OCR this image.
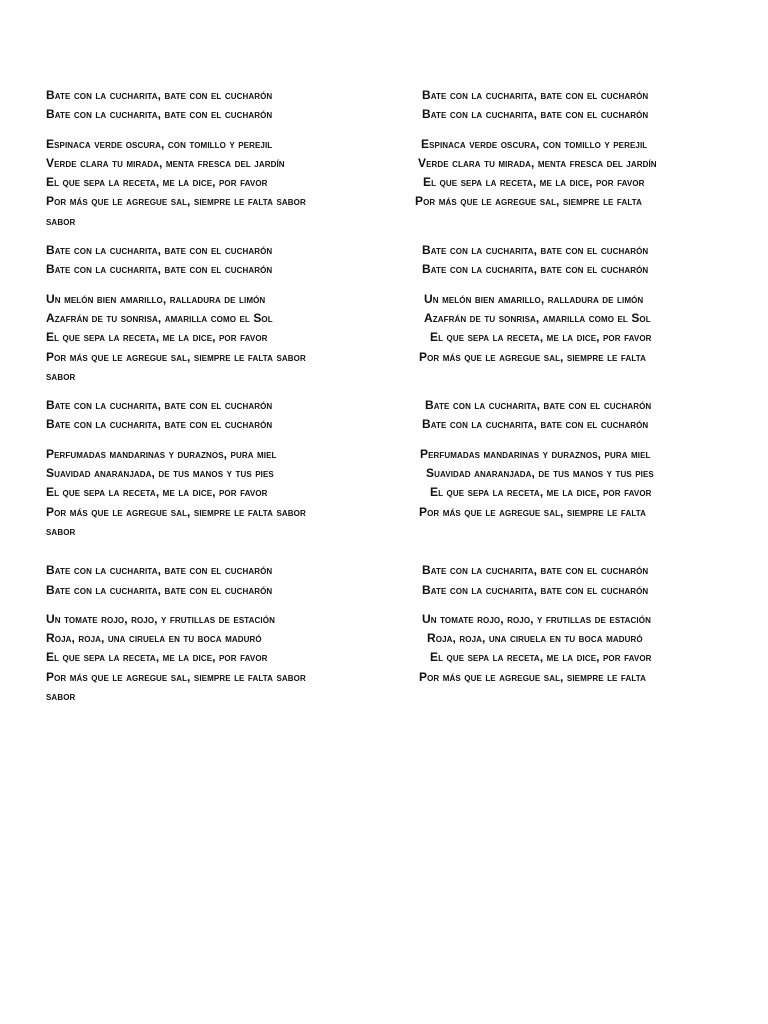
Bate con la cucharita, bate con el cucharón
Bate con la cucharita, bate con el cucharón
Espinaca verde oscura, con tomillo y perejil
Verde clara tu mirada, menta fresca del jardín
El que sepa la receta, me la dice, por favor
Por más que le agregue sal, siempre le falta sabor
sabor
Bate con la cucharita, bate con el cucharón
Bate con la cucharita, bate con el cucharón
Un melón bien amarillo, ralladura de limón
Azafrán de tu sonrisa, amarilla como el Sol
El que sepa la receta, me la dice, por favor
Por más que le agregue sal, siempre le falta sabor
sabor
Bate con la cucharita, bate con el cucharón
Bate con la cucharita, bate con el cucharón
Perfumadas mandarinas y duraznos, pura miel
Suavidad anaranjada, de tus manos y tus pies
El que sepa la receta, me la dice, por favor
Por más que le agregue sal, siempre le falta sabor
sabor
Bate con la cucharita, bate con el cucharón
Bate con la cucharita, bate con el cucharón
Un tomate rojo, rojo, y frutillas de estación
Roja, roja, una ciruela en tu boca maduró
El que sepa la receta, me la dice, por favor
Por más que le agregue sal, siempre le falta sabor
sabor
Bate con la cucharita, bate con el cucharón
Bate con la cucharita, bate con el cucharón
Espinaca verde oscura, con tomillo y perejil
Verde clara tu mirada, menta fresca del jardín
El que sepa la receta, me la dice, por favor
Por más que le agregue sal, siempre le falta

Bate con la cucharita, bate con el cucharón
Bate con la cucharita, bate con el cucharón
Un melón bien amarillo, ralladura de limón
Azafrán de tu sonrisa, amarilla como el Sol
El que sepa la receta, me la dice, por favor
Por más que le agregue sal, siempre le falta

Bate con la cucharita, bate con el cucharón
Bate con la cucharita, bate con el cucharón
Perfumadas mandarinas y duraznos, pura miel
Suavidad anaranjada, de tus manos y tus pies
El que sepa la receta, me la dice, por favor
Por más que le agregue sal, siempre le falta

Bate con la cucharita, bate con el cucharón
Bate con la cucharita, bate con el cucharón
Un tomate rojo, rojo, y frutillas de estación
Roja, roja, una ciruela en tu boca maduró
El que sepa la receta, me la dice, por favor
Por más que le agregue sal, siempre le falta
